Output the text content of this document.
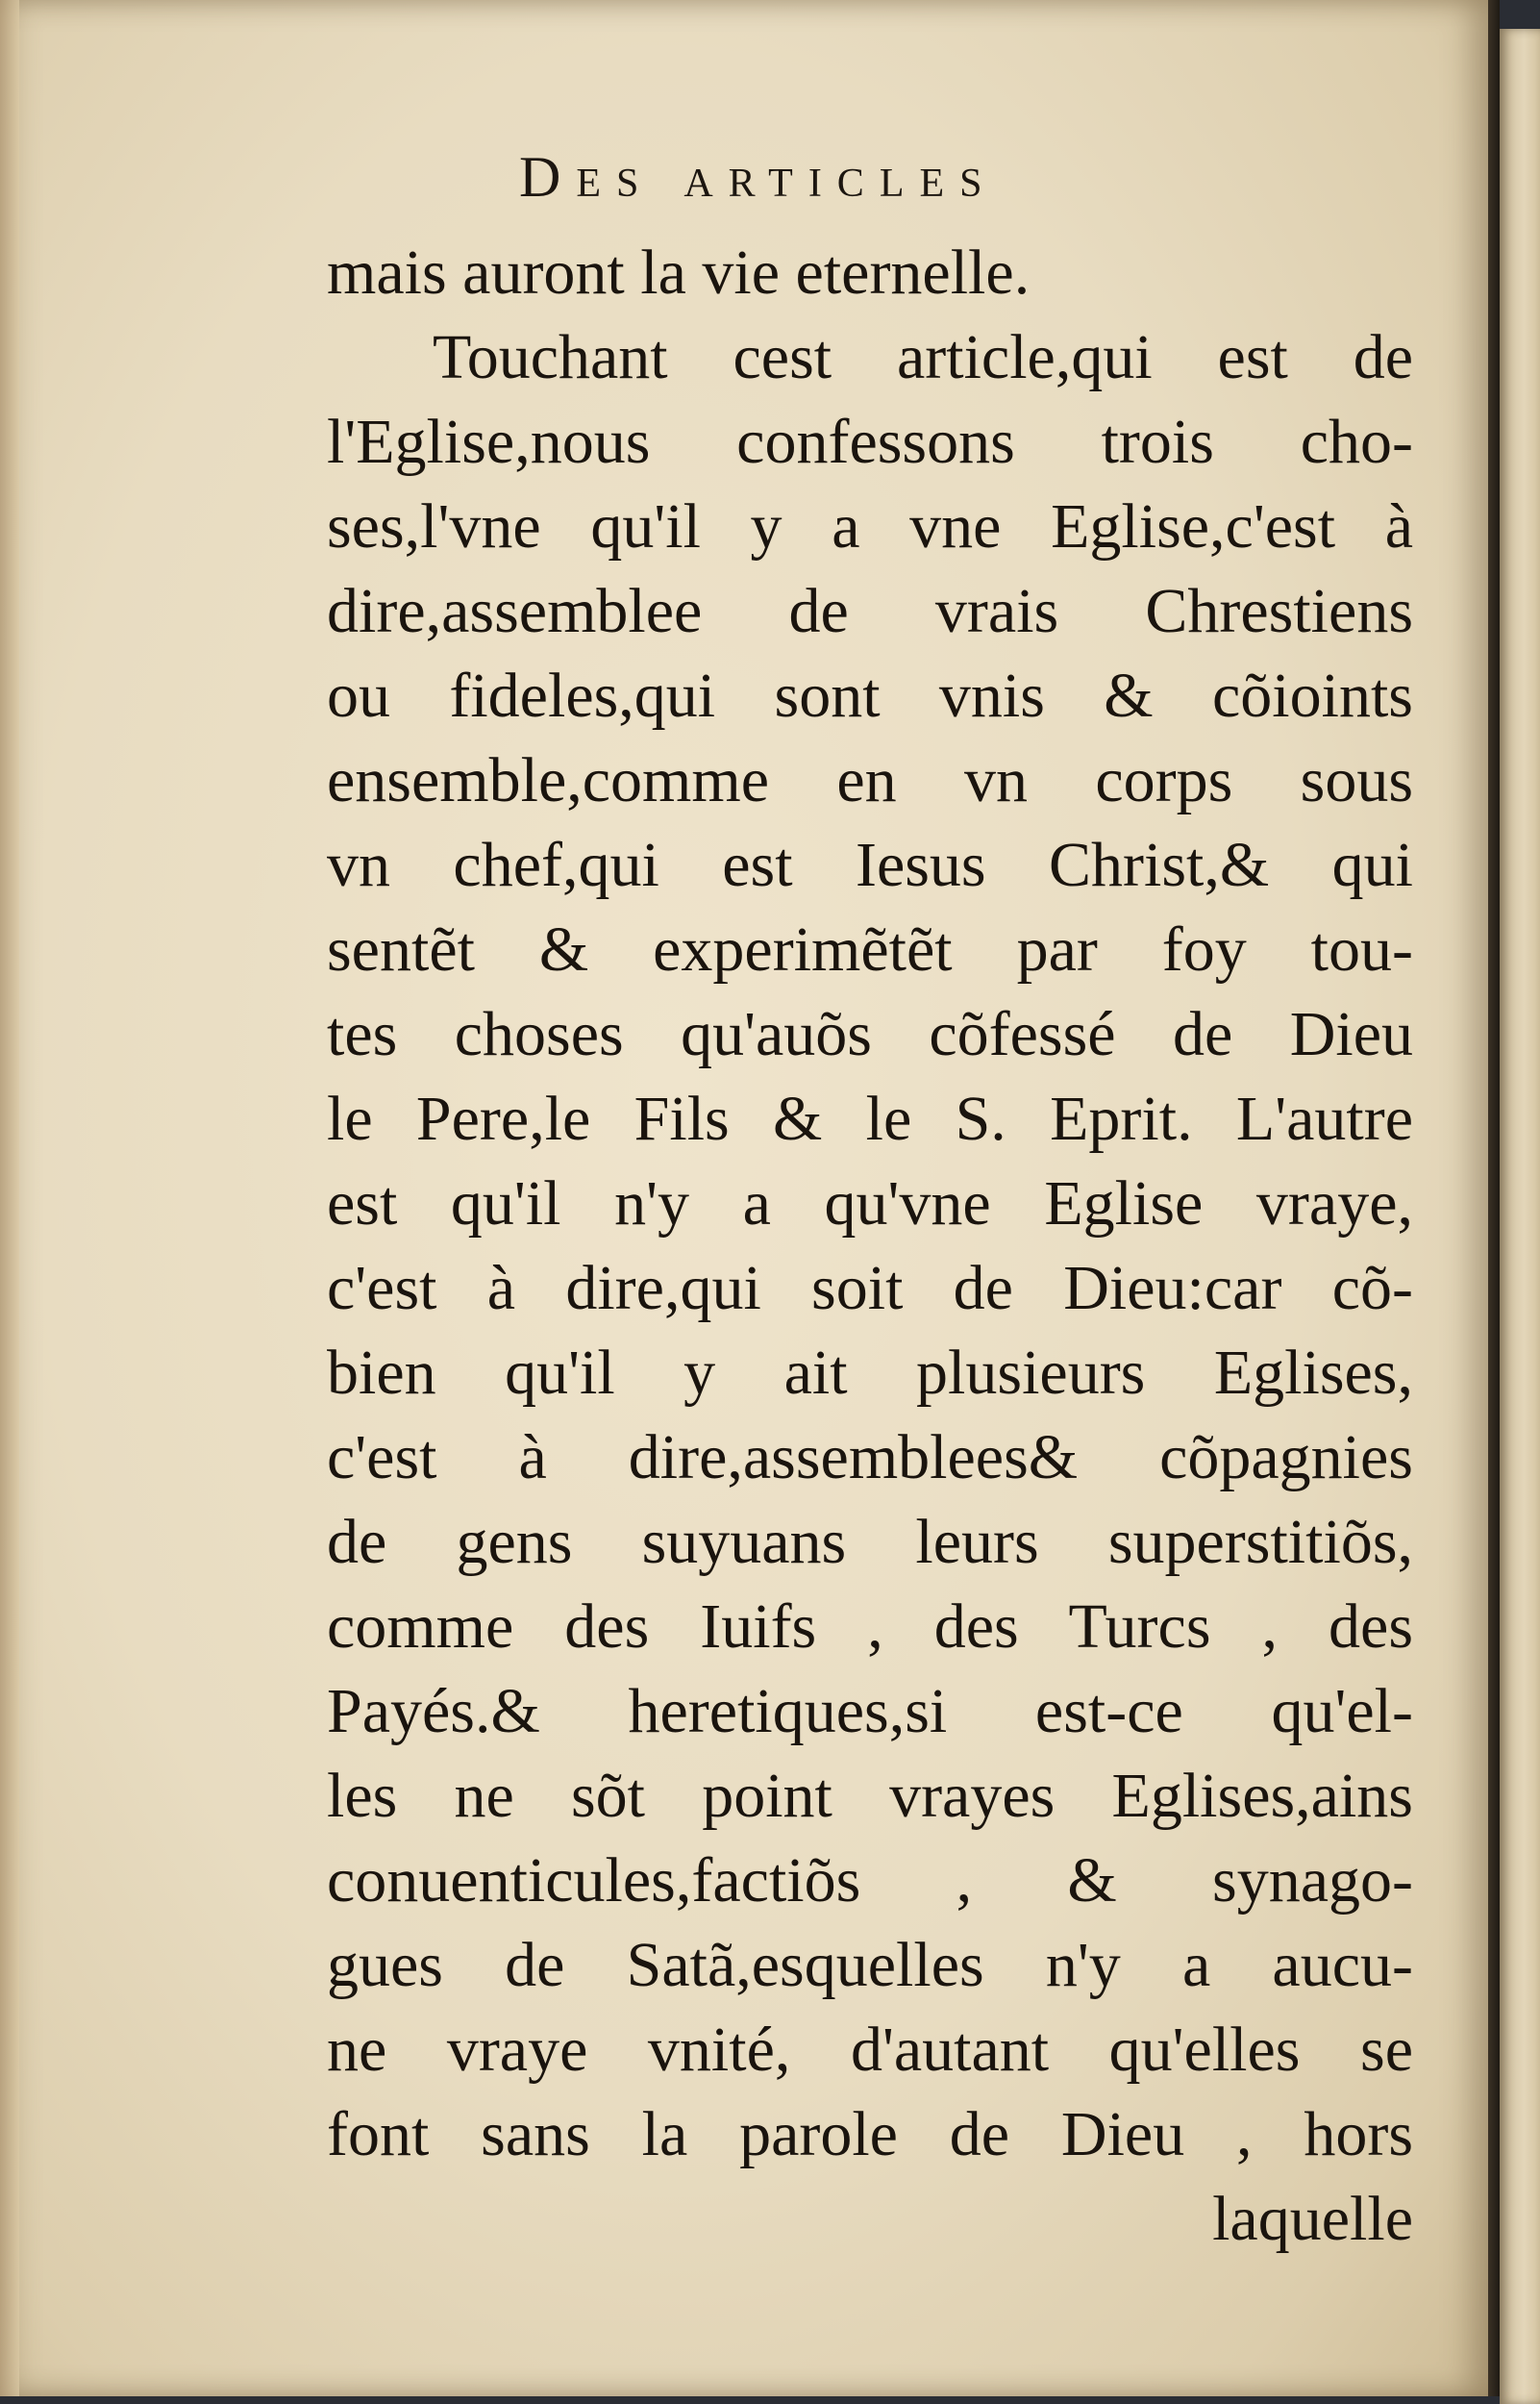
Des articles
mais auront la vie eternelle.
Touchant cest article,qui est de
l'Eglise,nous confessons trois cho-
ses,l'vne qu'il y a vne Eglise,c'est à
dire,assemblee de vrais Chrestiens
ou fideles,qui sont vnis & cõioints
ensemble,comme en vn corps sous
vn chef,qui est Iesus Christ,& qui
sentẽt & experimẽtẽt par foy tou-
tes choses qu'auõs cõfessé de Dieu
le Pere,le Fils & le S. Eprit. L'autre
est qu'il n'y a qu'vne Eglise vraye,
c'est à dire,qui soit de Dieu:car cõ-
bien qu'il y ait plusieurs Eglises,
c'est à dire,assemblees& cõpagnies
de gens suyuans leurs superstitiõs,
comme des Iuifs , des Turcs , des
Payés.& heretiques,si est-ce qu'el-
les ne sõt point vrayes Eglises,ains
conuenticules,factiõs , & synago-
gues de Satã,esquelles n'y a aucu-
ne vraye vnité, d'autant qu'elles se
font sans la parole de Dieu , hors
laquelle
